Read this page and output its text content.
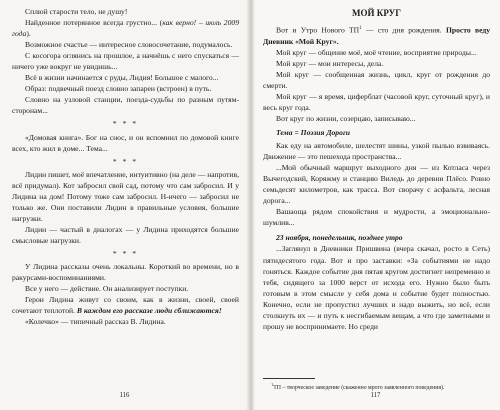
Сплюй старости тело, не душу!

Найденное потерянное всегда грустно... (как верно! – июль 2009 года).

Возможное счастье — интересное словосочетание, подумалось.

С косогора оглянись на прошлое, а начнёшь с него спускаться — ничего уже вокруг не увидишь...

Всё в жизни начинается с руды, Лидия! Большое с малого...

Образ: подвечный поезд словно запарен (встроен) в путь.

Словно на узловой станции, поезда-судьбы по разным путям-сторонам...

* * *

«Домовая книга». Бог на снос, и он вспомнил по домовой книге всех, кто жил в доме... Тема...

* * *

Лидин пишет, моё впечатление, интуитивно (на деле — напротив, всё придумал). Кот забросил свой сад, потому что сам забросил. И у Лидина на дом! Потому тоже сам забросил. Н-ичего — забросил не только же. Они поставили Лидин в правильные условия, большие нагрузки.

Лидин — частый в диалогах — у Лидина приходятся большие смысловые нагрузки.

* * *

У Лидина рассказы очень локальны. Короткий во времени, но в ракурсами-воспоминаниями.

Все у него — действие. Он анализирует поступки.

Герои Лидина живут со своим, как в жизни, своей, своей сочетают теплотой. В каждом его рассказе люди сближаются!

«Колечко» — типичный рассказ В. Лидина.

116
МОЙ КРУГ

Вот и Утро Нового $ТП^1$ — сто дня рождения. Просто веду Дневник «Мой Круг».

Мой круг — общение моё, моё чтение, восприятие природы...

Мой круг — мои интересы, дела.

Мой круг — сообщенная жизнь, цикл, круг от рождения до смерти.

Мой круг — я время, циферблат (часовой круг, суточный круг), и весь круг года.

Вот круг по жизни, созерцаю, записываю...

Тема = Поэзия Дороги

Как еду на автомобиле, шелестят шины, узкой пылью взвиваясь. Движение — это пешехода пространства...

...Мой обычный маршрут выходного дня — из Котласа через Вычегодский, Коряжму и станцию Виледь до деревни Плёсо. Ровно семьдесят километров, как трасса. Вот сворачу с асфальта, лесная дорога...

Вашаоща рядом спокойствия и мудрости, а эмоционально-шумлив...

23 ноября, понедельник, позднее утро

...Заглянул в Дневники Пришвина (вчера скачал, росто в Сеть) пятидесятого года. Вот и про заставки: «За событиями не надо гоняться. Каждое событие дня пятая кругом достигнет непременно и тебя, сидящего за 1000 верст от исхода его. Нужно было быть готовым в этом смысле у себя дома и событие будет полностью. Конечно, если не пропустил лучших и надо выжить, но всё, если столкнуть их — и путь к несгибаемым вещам, а что где заметными и прошу не воспринимаете. Но среди

$^1$ТП – творческое заведение (скаженно мрого заявленного поведения).

117
